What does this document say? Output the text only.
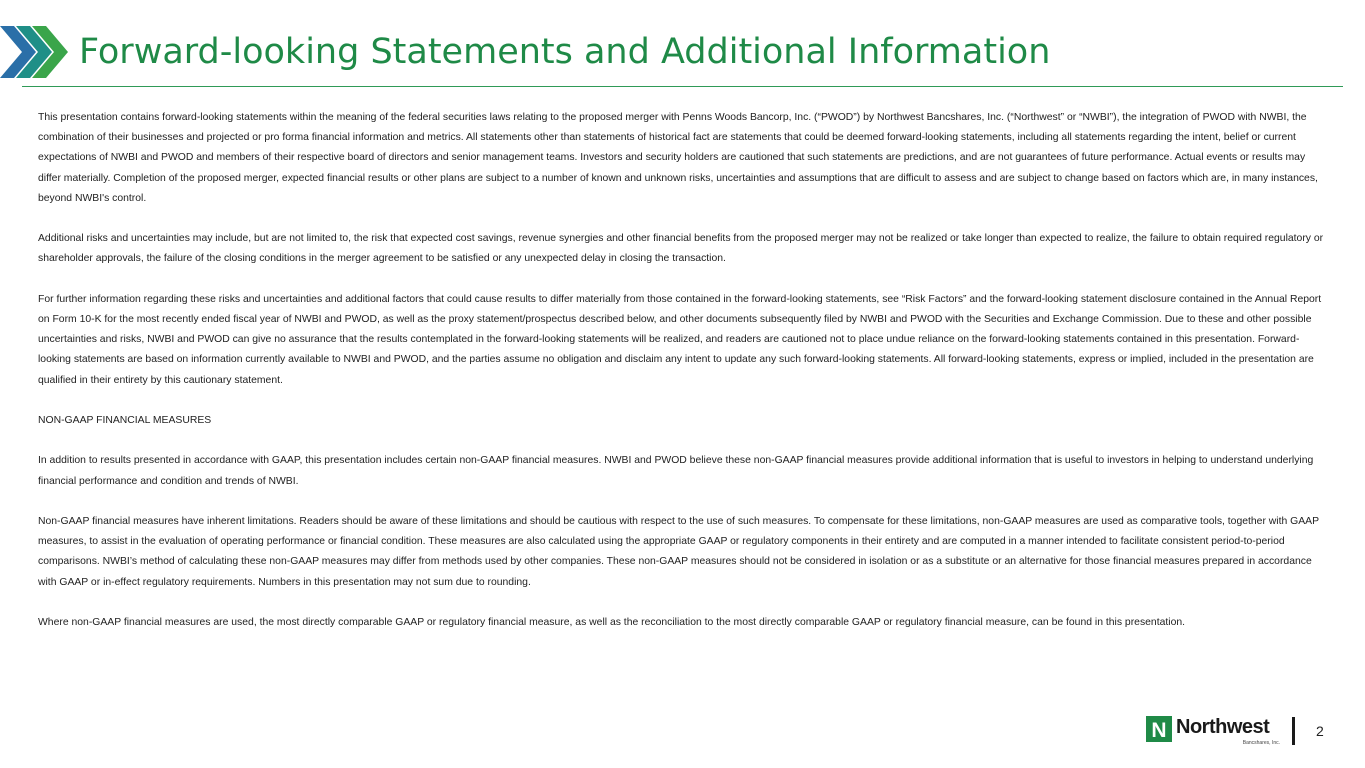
Forward-looking Statements and Additional Information

This presentation contains forward-looking statements within the meaning of the federal securities laws relating to the proposed merger with Penns Woods Bancorp, Inc. (“PWOD”) by Northwest Bancshares, Inc. (“Northwest” or “NWBI”), the integration of PWOD with NWBI, the combination of their businesses and projected or pro forma financial information and metrics. All statements other than statements of historical fact are statements that could be deemed forward-looking statements, including all statements regarding the intent, belief or current expectations of NWBI and PWOD and members of their respective board of directors and senior management teams. Investors and security holders are cautioned that such statements are predictions, and are not guarantees of future performance. Actual events or results may differ materially. Completion of the proposed merger, expected financial results or other plans are subject to a number of known and unknown risks, uncertainties and assumptions that are difficult to assess and are subject to change based on factors which are, in many instances, beyond NWBI's control.

Additional risks and uncertainties may include, but are not limited to, the risk that expected cost savings, revenue synergies and other financial benefits from the proposed merger may not be realized or take longer than expected to realize, the failure to obtain required regulatory or shareholder approvals, the failure of the closing conditions in the merger agreement to be satisfied or any unexpected delay in closing the transaction.

For further information regarding these risks and uncertainties and additional factors that could cause results to differ materially from those contained in the forward-looking statements, see “Risk Factors” and the forward-looking statement disclosure contained in the Annual Report on Form 10-K for the most recently ended fiscal year of NWBI and PWOD, as well as the proxy statement/prospectus described below, and other documents subsequently filed by NWBI and PWOD with the Securities and Exchange Commission. Due to these and other possible uncertainties and risks, NWBI and PWOD can give no assurance that the results contemplated in the forward-looking statements will be realized, and readers are cautioned not to place undue reliance on the forward-looking statements contained in this presentation. Forward-looking statements are based on information currently available to NWBI and PWOD, and the parties assume no obligation and disclaim any intent to update any such forward-looking statements. All forward-looking statements, express or implied, included in the presentation are qualified in their entirety by this cautionary statement.

NON-GAAP FINANCIAL MEASURES

In addition to results presented in accordance with GAAP, this presentation includes certain non-GAAP financial measures. NWBI and PWOD believe these non-GAAP financial measures provide additional information that is useful to investors in helping to understand underlying financial performance and condition and trends of NWBI.

Non-GAAP financial measures have inherent limitations. Readers should be aware of these limitations and should be cautious with respect to the use of such measures. To compensate for these limitations, non-GAAP measures are used as comparative tools, together with GAAP measures, to assist in the evaluation of operating performance or financial condition. These measures are also calculated using the appropriate GAAP or regulatory components in their entirety and are computed in a manner intended to facilitate consistent period-to-period comparisons. NWBI’s method of calculating these non-GAAP measures may differ from methods used by other companies. These non-GAAP measures should not be considered in isolation or as a substitute or an alternative for those financial measures prepared in accordance with GAAP or in-effect regulatory requirements. Numbers in this presentation may not sum due to rounding.

Where non-GAAP financial measures are used, the most directly comparable GAAP or regulatory financial measure, as well as the reconciliation to the most directly comparable GAAP or regulatory financial measure, can be found in this presentation.

N Northwest
Bancshares, Inc.
2
